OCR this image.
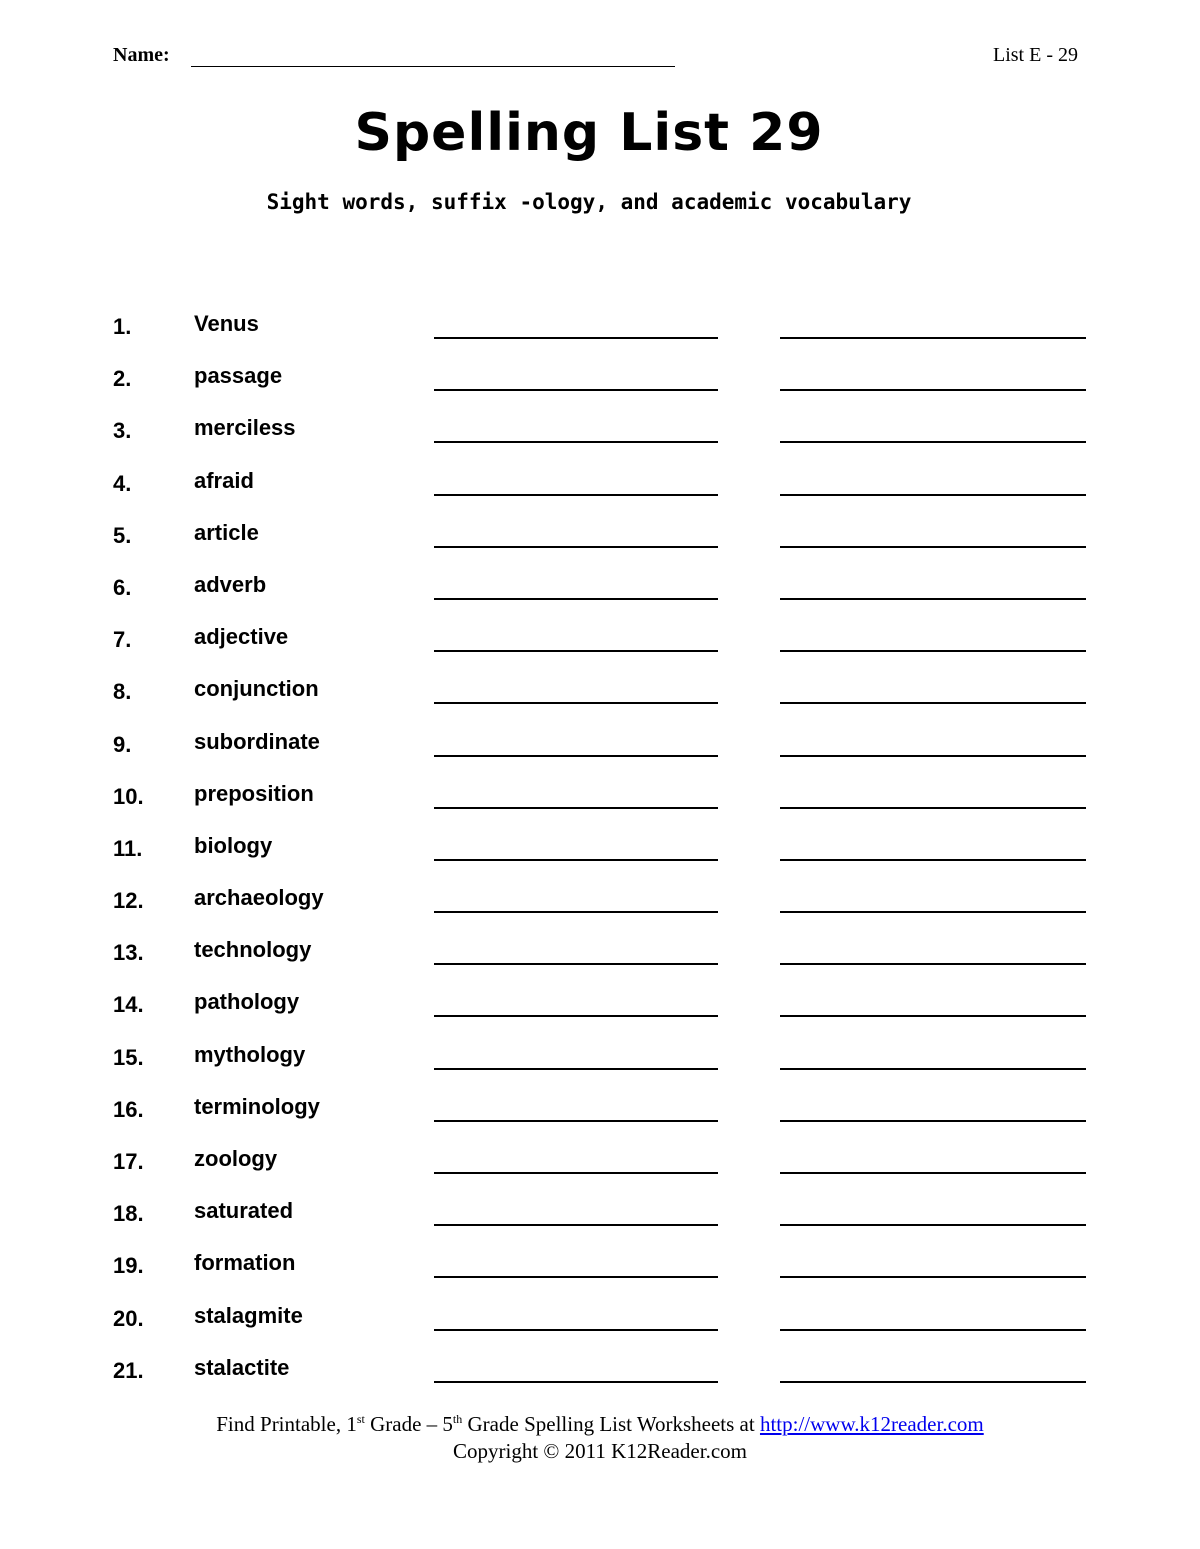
Name:	List E - 29
Spelling List 29
Sight words, suffix -ology, and academic vocabulary
1.	Venus
2.	passage
3.	merciless
4.	afraid
5.	article
6.	adverb
7.	adjective
8.	conjunction
9.	subordinate
10. preposition
11. biology
12. archaeology
13. technology
14. pathology
15. mythology
16. terminology
17. zoology
18. saturated
19. formation
20. stalagmite
21. stalactite
Find Printable, 1st Grade – 5th Grade Spelling List Worksheets at http://www.k12reader.com
Copyright © 2011 K12Reader.com
